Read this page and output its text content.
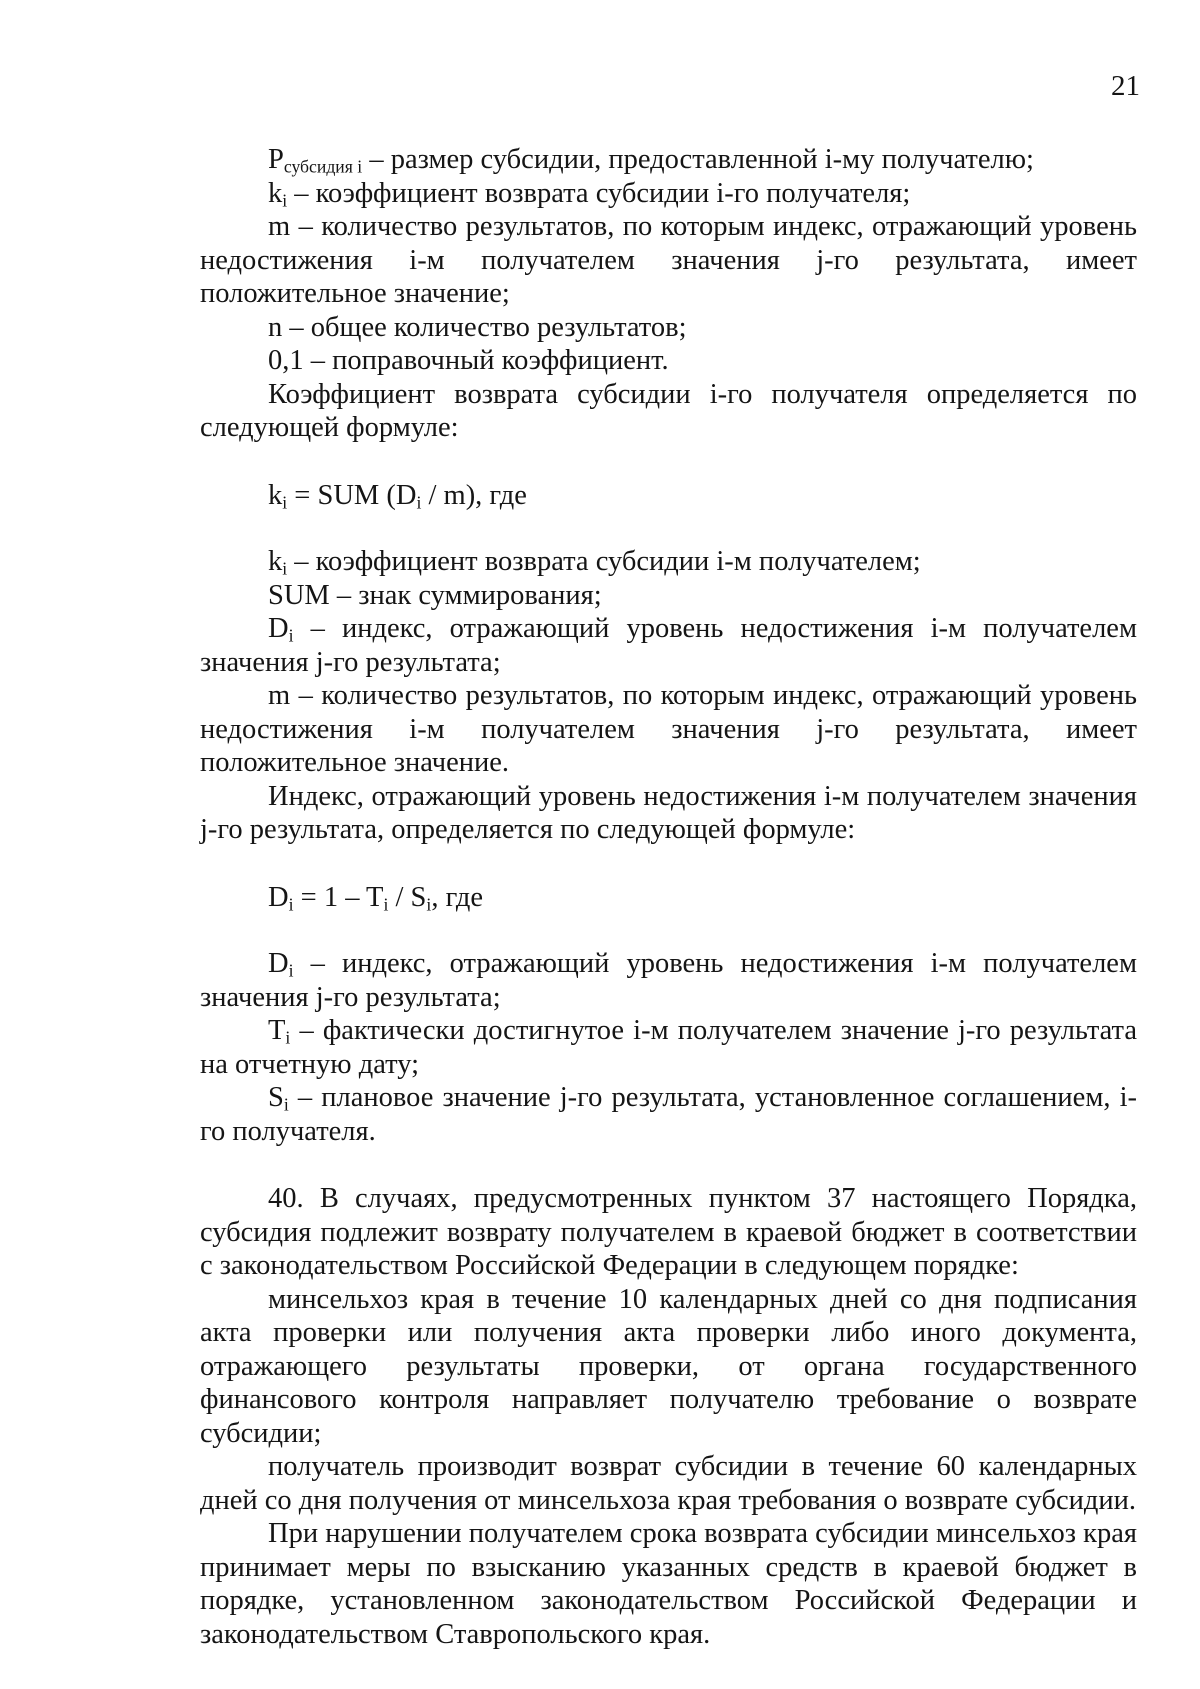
21

$P_{субсидия i}$ – размер субсидии, предоставленной i-му получателю;

$k_i$ – коэффициент возврата субсидии i-го получателя;

m – количество результатов, по которым индекс, отражающий уровень недостижения i-м получателем значения j-го результата, имеет положительное значение;

n – общее количество результатов;

0,1 – поправочный коэффициент.

Коэффициент возврата субсидии i-го получателя определяется по следующей формуле:

$k_i$ = SUM $(D_i / m)$, где

$k_i$ – коэффициент возврата субсидии i-м получателем;

SUM – знак суммирования;

$D_i$ – индекс, отражающий уровень недостижения i-м получателем значения j-го результата;

m – количество результатов, по которым индекс, отражающий уровень недостижения i-м получателем значения j-го результата, имеет положительное значение.

Индекс, отражающий уровень недостижения i-м получателем значения j-го результата, определяется по следующей формуле:

$D_i = 1 - T_i / S_i$, где

$D_i$ – индекс, отражающий уровень недостижения i-м получателем значения j-го результата;

$T_i$ – фактически достигнутое i-м получателем значение j-го результата на отчетную дату;

$S_i$ – плановое значение j-го результата, установленное соглашением, i-го получателя.

40. В случаях, предусмотренных пунктом 37 настоящего Порядка, субсидия подлежит возврату получателем в краевой бюджет в соответствии с законодательством Российской Федерации в следующем порядке:

минсельхоз края в течение 10 календарных дней со дня подписания акта проверки или получения акта проверки либо иного документа, отражающего результаты проверки, от органа государственного финансового контроля направляет получателю требование о возврате субсидии;

получатель производит возврат субсидии в течение 60 календарных дней со дня получения от минсельхоза края требования о возврате субсидии.

При нарушении получателем срока возврата субсидии минсельхоз края принимает меры по взысканию указанных средств в краевой бюджет в порядке, установленном законодательством Российской Федерации и законодательством Ставропольского края.
